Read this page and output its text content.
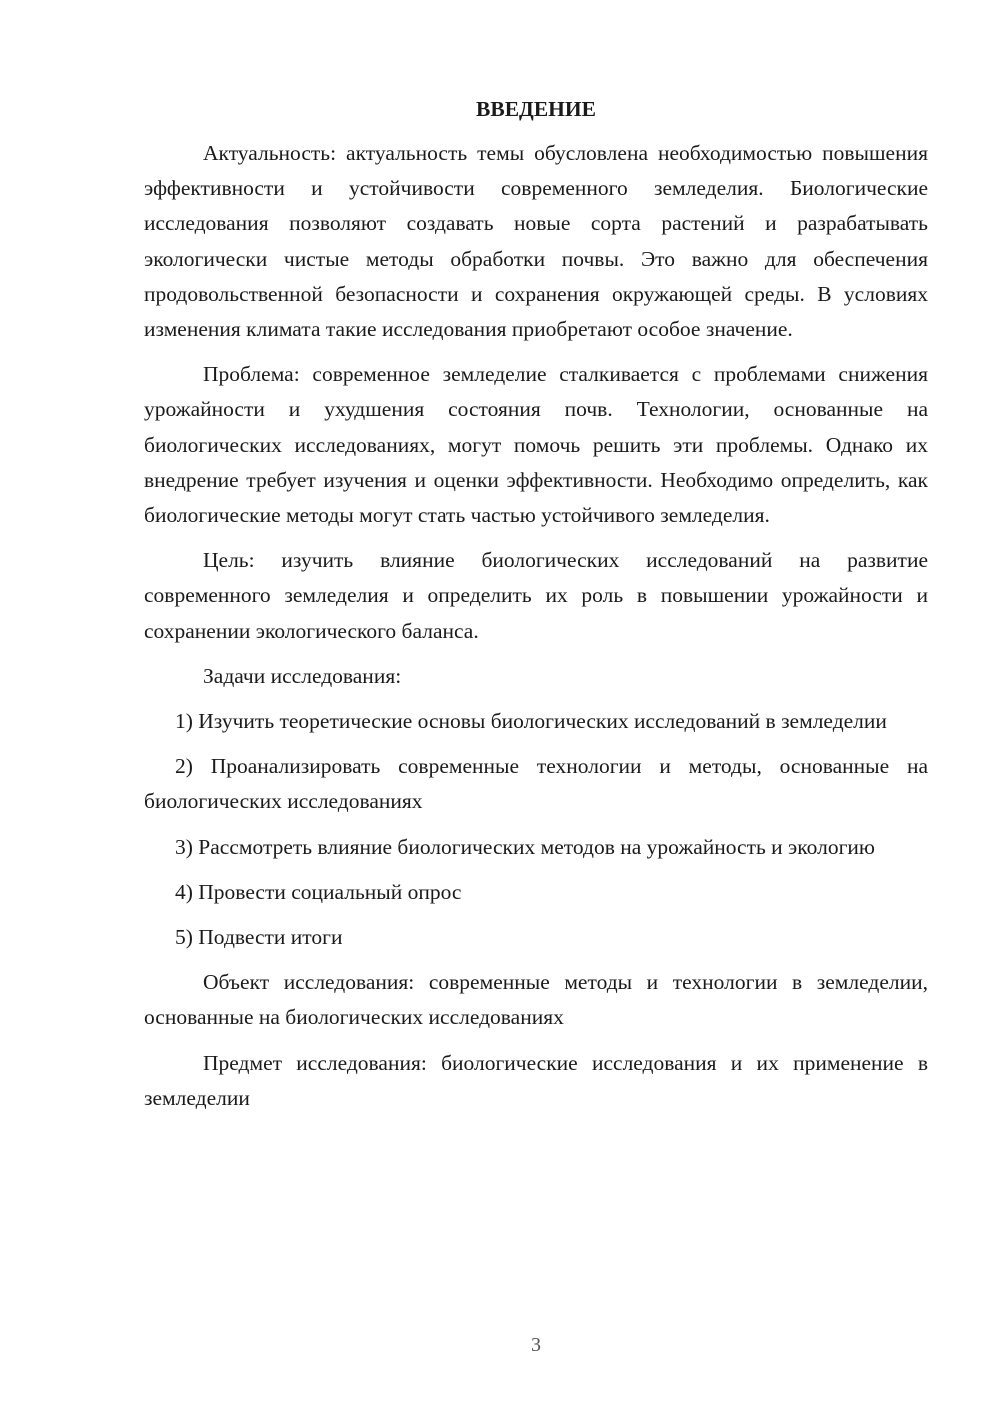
ВВЕДЕНИЕ

Актуальность: актуальность темы обусловлена необходимостью повышения эффективности и устойчивости современного земледелия. Биологические исследования позволяют создавать новые сорта растений и разрабатывать экологически чистые методы обработки почвы. Это важно для обеспечения продовольственной безопасности и сохранения окружающей среды. В условиях изменения климата такие исследования приобретают особое значение.

Проблема: современное земледелие сталкивается с проблемами снижения урожайности и ухудшения состояния почв. Технологии, основанные на биологических исследованиях, могут помочь решить эти проблемы. Однако их внедрение требует изучения и оценки эффективности. Необходимо определить, как биологические методы могут стать частью устойчивого земледелия.

Цель: изучить влияние биологических исследований на развитие современного земледелия и определить их роль в повышении урожайности и сохранении экологического баланса.

Задачи исследования:

1) Изучить теоретические основы биологических исследований в земледелии

2) Проанализировать современные технологии и методы, основанные на биологических исследованиях

3) Рассмотреть влияние биологических методов на урожайность и экологию

4) Провести социальный опрос

5) Подвести итоги

Объект исследования: современные методы и технологии в земледелии, основанные на биологических исследованиях

Предмет исследования: биологические исследования и их применение в земледелии

3
